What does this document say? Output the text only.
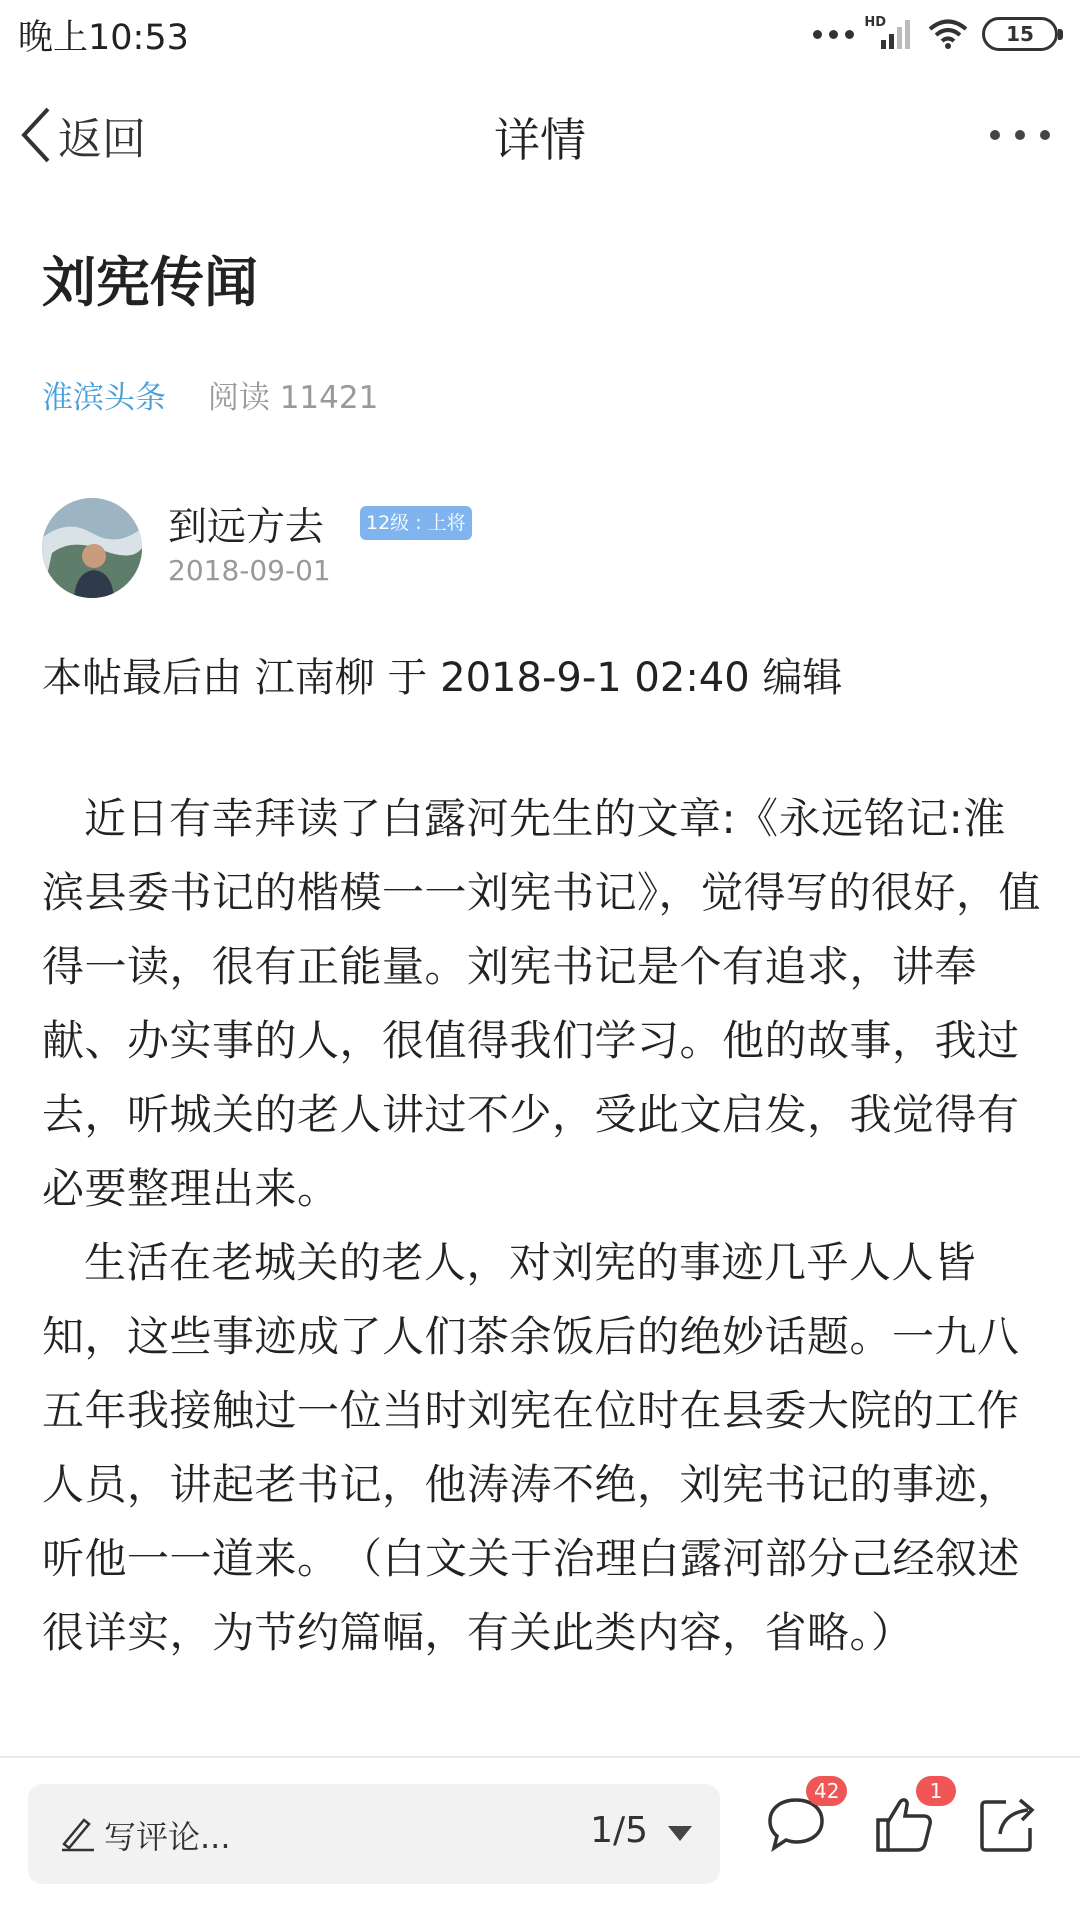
晚上10:53	HD	15
返回	详情
刘宪传闻
淮滨头条 阅读 11421
到远方去	12级 : 上将
2018-09-01
本帖最后由 江南柳 于 2018-9-1 02:40 编辑

近日有幸拜读了白露河先生的文章:《永远铭记:淮滨县委书记的楷模一一刘宪书记》，觉得写的很好，值得一读，很有正能量。刘宪书记是个有追求，讲奉献、办实事的人，很值得我们学习。他的故事，我过去，听城关的老人讲过不少，受此文启发，我觉得有必要整理出来。

生活在老城关的老人，对刘宪的事迹几乎人人皆知，这些事迹成了人们茶余饭后的绝妙话题。一九八五年我接触过一位当时刘宪在位时在县委大院的工作人员，讲起老书记，他涛涛不绝，刘宪书记的事迹，听他一一道来。　（白文关于治理白露河部分己经叙述很详实，为节约篇幅，有关此类内容，省略。）

写评论...	1/5
42	1
